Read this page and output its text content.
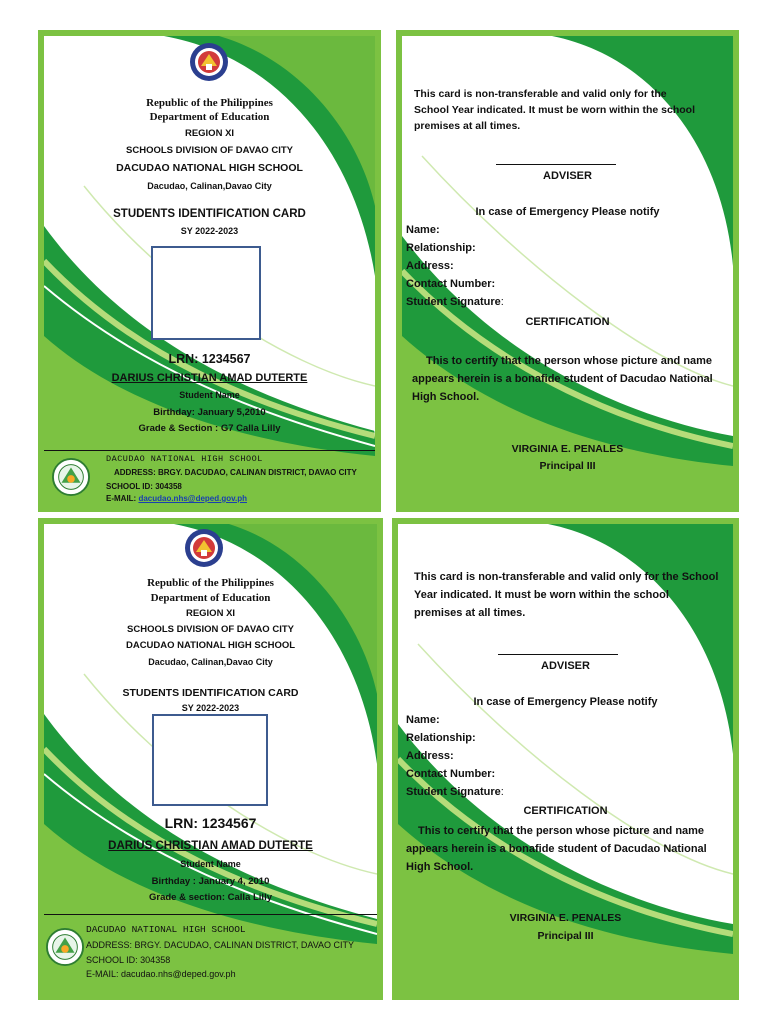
Republic of the Philippines
Department of Education
REGION XI
SCHOOLS DIVISION OF DAVAO CITY
DACUDAO NATIONAL HIGH SCHOOL
Dacudao, Calinan,Davao City
STUDENTS IDENTIFICATION CARD
SY 2022-2023
LRN: 1234567
DARIUS CHRISTIAN AMAD DUTERTE
Student Name
Birthday: January 5,2010
Grade & Section : G7 Calla Lilly
DACUDAO NATIONAL HIGH SCHOOL
ADDRESS: BRGY. DACUDAO, CALINAN DISTRICT, DAVAO CITY
SCHOOL ID: 304358
E-MAIL: dacudao.nhs@deped.gov.ph
This card is non-transferable and valid only for the School Year indicated. It must be worn within the school premises at all times.
ADVISER
In case of Emergency Please notify
Name:
Relationship:
Address:
Contact Number:
Student Signature:
CERTIFICATION
This to certify that the person whose picture and name appears herein is a bonafide student of Dacudao National High School.
VIRGINIA E. PENALES
Principal III
Republic of the Philippines
Department of Education
REGION XI
SCHOOLS DIVISION OF DAVAO CITY
DACUDAO NATIONAL HIGH SCHOOL
Dacudao, Calinan,Davao City
STUDENTS IDENTIFICATION CARD
SY 2022-2023
LRN: 1234567
DARIUS CHRISTIAN AMAD DUTERTE
Student Name
Birthday : January 4, 2010
Grade & section: Calla Lilly
DACUDAO NATIONAL HIGH SCHOOL
ADDRESS: BRGY. DACUDAO, CALINAN DISTRICT, DAVAO CITY
SCHOOL ID: 304358
E-MAIL: dacudao.nhs@deped.gov.ph
This card is non-transferable and valid only for the School Year indicated. It must be worn within the school premises at all times.
ADVISER
In case of Emergency Please notify
Name:
Relationship:
Address:
Contact Number:
Student Signature:
CERTIFICATION
This to certify that the person whose picture and name appears herein is a bonafide student of Dacudao National High School.
VIRGINIA E. PENALES
Principal III
